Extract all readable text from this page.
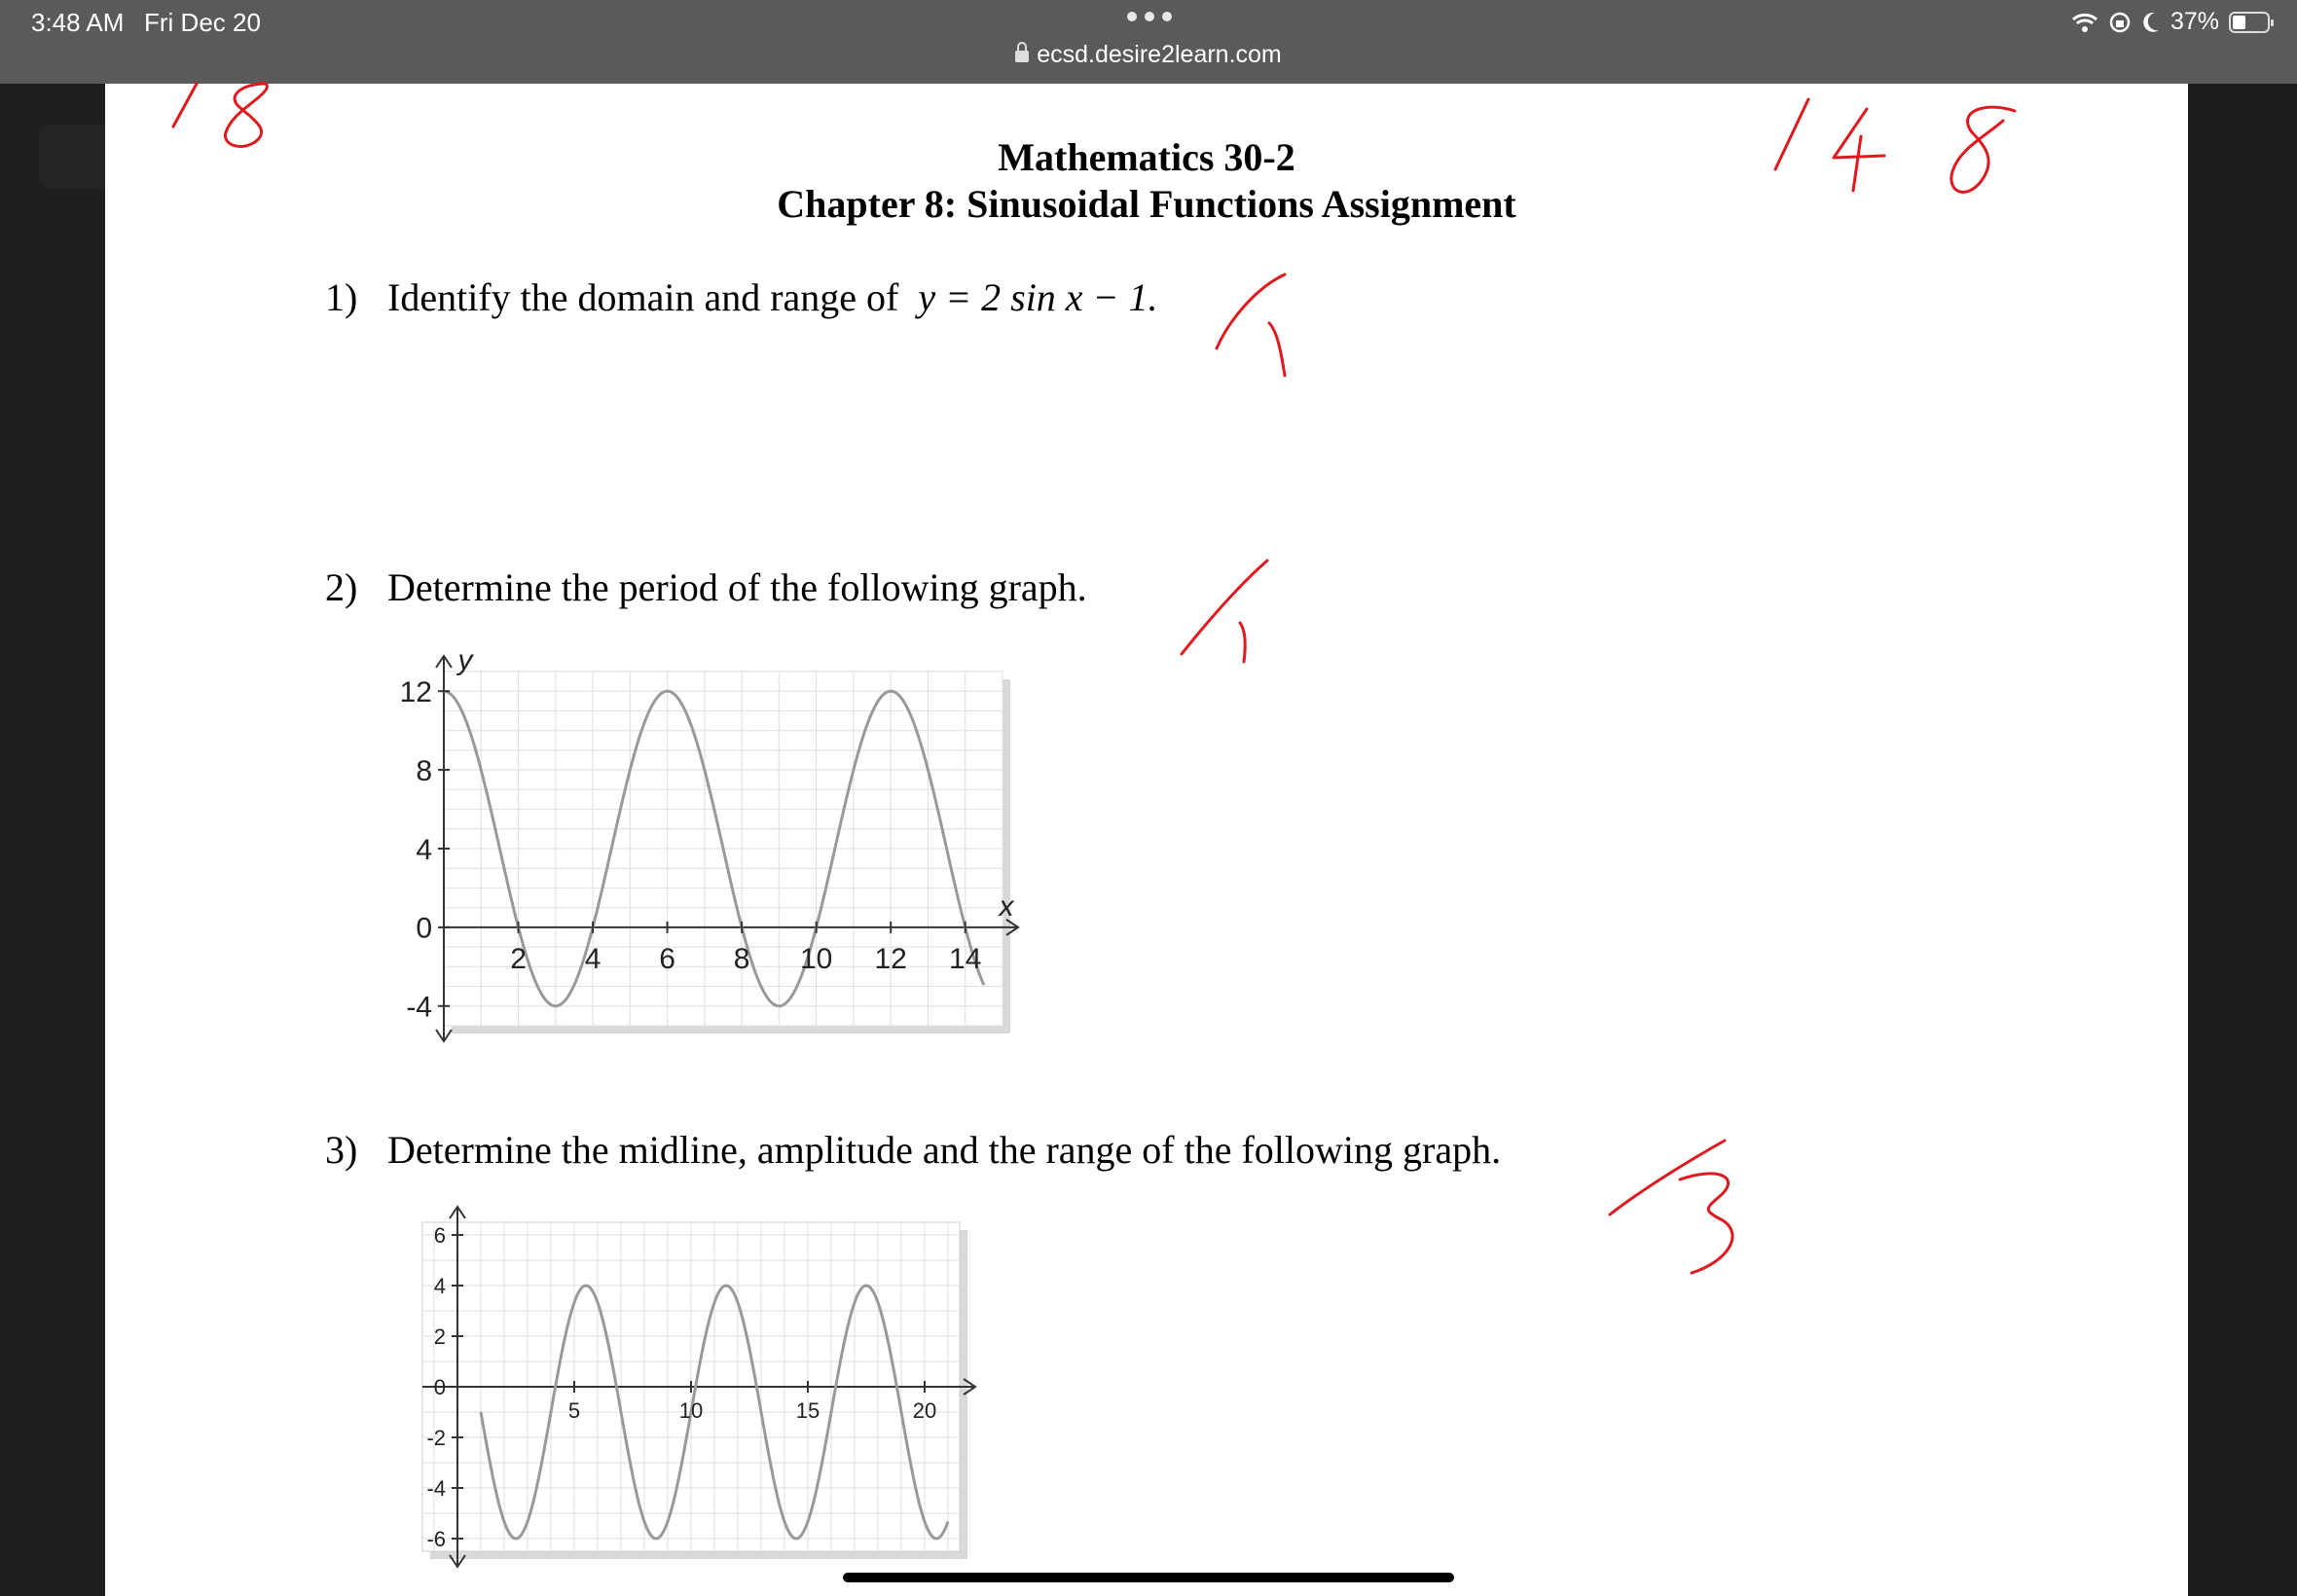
3:48 AM Fri Dec 20
ecsd.desire2learn.com
37%
Mathematics 30-2
Chapter 8: Sinusoidal Functions Assignment
1) Identify the domain and range of y = 2 sin x − 1.
2) Determine the period of the following graph.
3) Determine the midline, amplitude and the range of the following graph.
2 4 6 8 10 12 14
12
8
4
0
-4
x
y
5	10	15	20
6
4
2
0
-2
-4
-6
